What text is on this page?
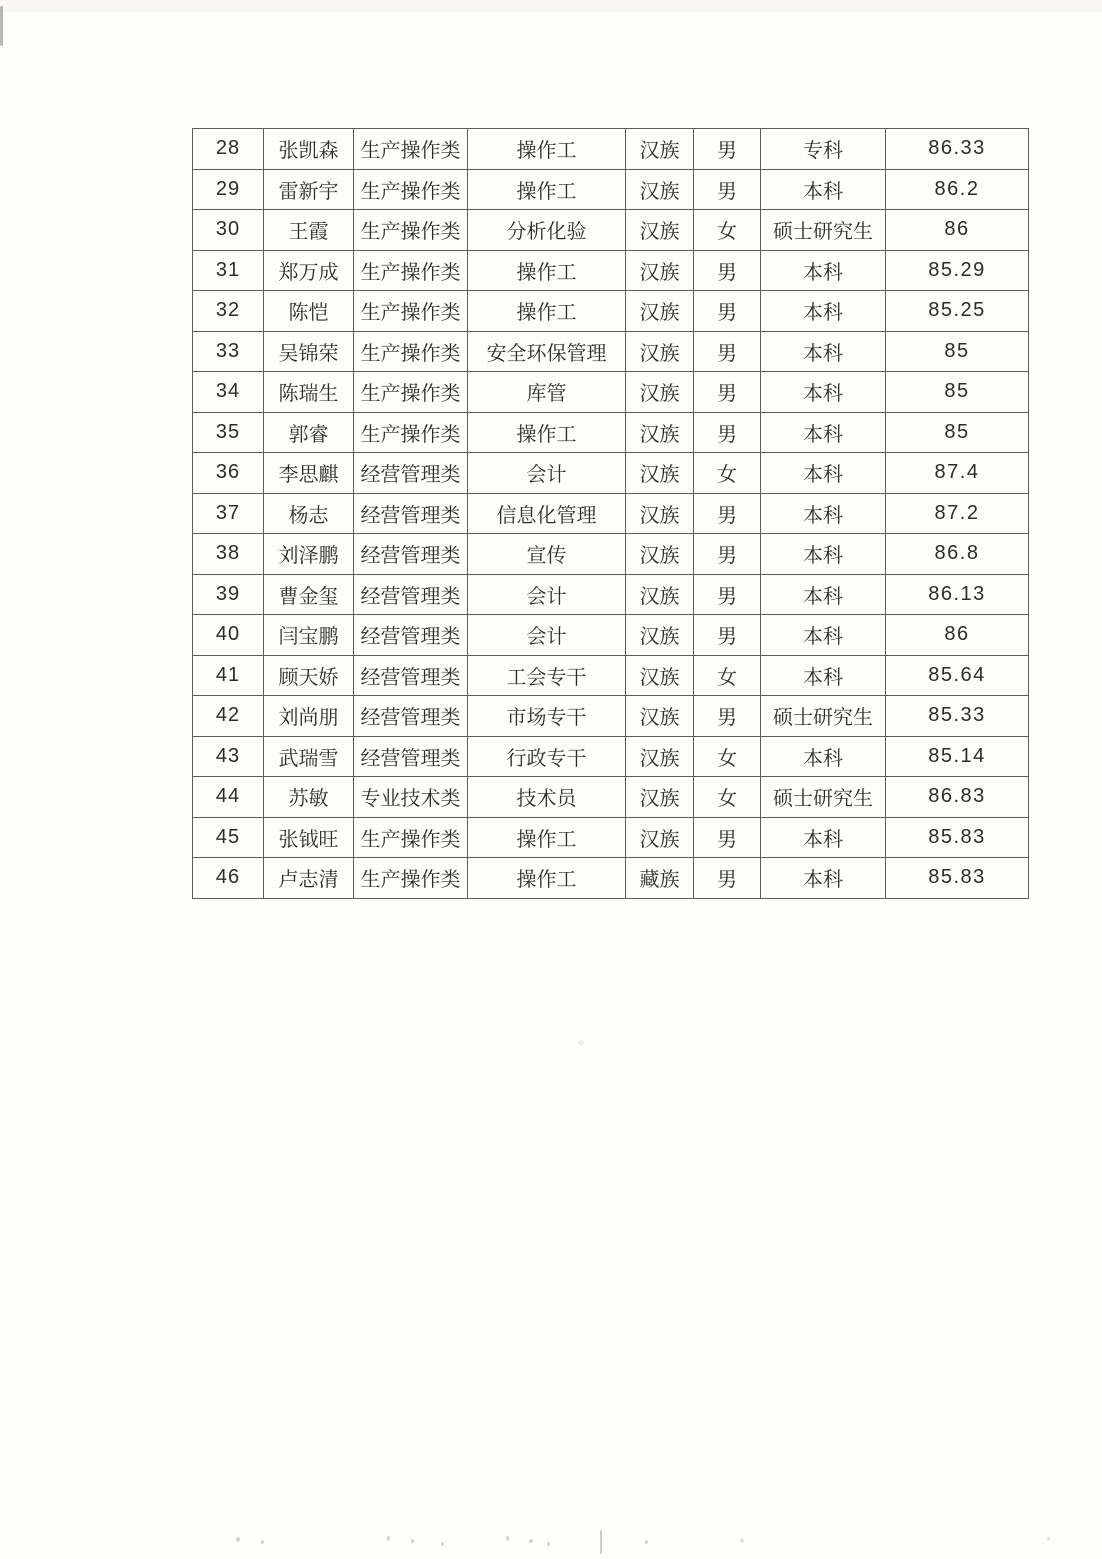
28	张凯森	生产操作类	操作工	汉族	男	专科	86.33
29	雷新宇	生产操作类	操作工	汉族	男	本科	86.2
30	王霞	生产操作类	分析化验	汉族	女	硕士研究生	86
31	郑万成	生产操作类	操作工	汉族	男	本科	85.29
32	陈恺	生产操作类	操作工	汉族	男	本科	85.25
33	吴锦荣	生产操作类	安全环保管理	汉族	男	本科	85
34	陈瑞生	生产操作类	库管	汉族	男	本科	85
35	郭睿	生产操作类	操作工	汉族	男	本科	85
36	李思麒	经营管理类	会计	汉族	女	本科	87.4
37	杨志	经营管理类	信息化管理	汉族	男	本科	87.2
38	刘泽鹏	经营管理类	宣传	汉族	男	本科	86.8
39	曹金玺	经营管理类	会计	汉族	男	本科	86.13
40	闫宝鹏	经营管理类	会计	汉族	男	本科	86
41	顾天娇	经营管理类	工会专干	汉族	女	本科	85.64
42	刘尚朋	经营管理类	市场专干	汉族	男	硕士研究生	85.33
43	武瑞雪	经营管理类	行政专干	汉族	女	本科	85.14
44	苏敏	专业技术类	技术员	汉族	女	硕士研究生	86.83
45	张钺旺	生产操作类	操作工	汉族	男	本科	85.83
46	卢志清	生产操作类	操作工	藏族	男	本科	85.83
